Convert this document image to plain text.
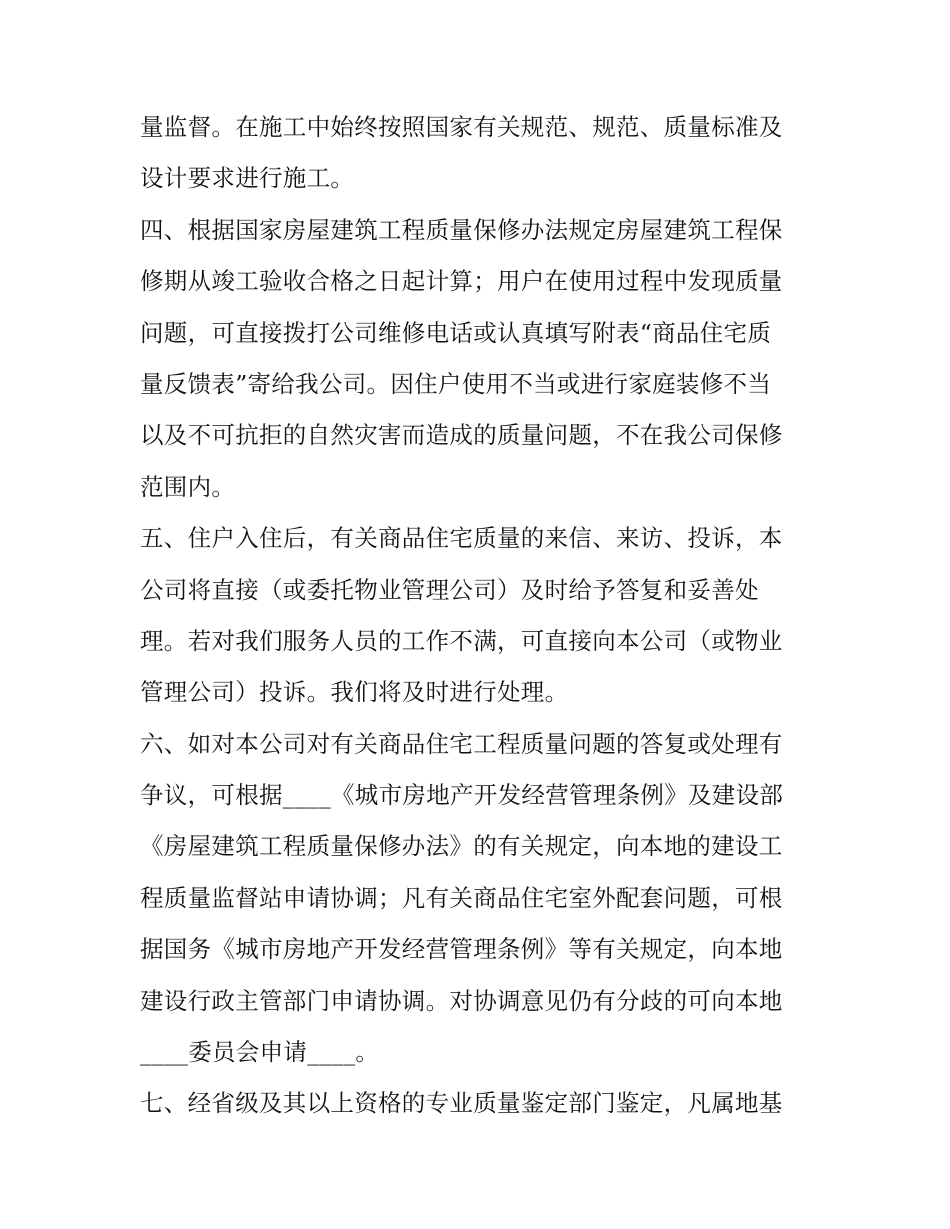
量监督。在施工中始终按照国家有关规范、规范、质量标准及
设计要求进行施工。
四、根据国家房屋建筑工程质量保修办法规定房屋建筑工程保
修期从竣工验收合格之日起计算；用户在使用过程中发现质量
问题，可直接拨打公司维修电话或认真填写附表“商品住宅质
量反馈表”寄给我公司。因住户使用不当或进行家庭装修不当
以及不可抗拒的自然灾害而造成的质量问题，不在我公司保修
范围内。
五、住户入住后，有关商品住宅质量的来信、来访、投诉，本
公司将直接（或委托物业管理公司）及时给予答复和妥善处
理。若对我们服务人员的工作不满，可直接向本公司（或物业
管理公司）投诉。我们将及时进行处理。
六、如对本公司对有关商品住宅工程质量问题的答复或处理有
争议，可根据____《城市房地产开发经营管理条例》及建设部
《房屋建筑工程质量保修办法》的有关规定，向本地的建设工
程质量监督站申请协调；凡有关商品住宅室外配套问题，可根
据国务《城市房地产开发经营管理条例》等有关规定，向本地
建设行政主管部门申请协调。对协调意见仍有分歧的可向本地
____委员会申请____。
七、经省级及其以上资格的专业质量鉴定部门鉴定，凡属地基
